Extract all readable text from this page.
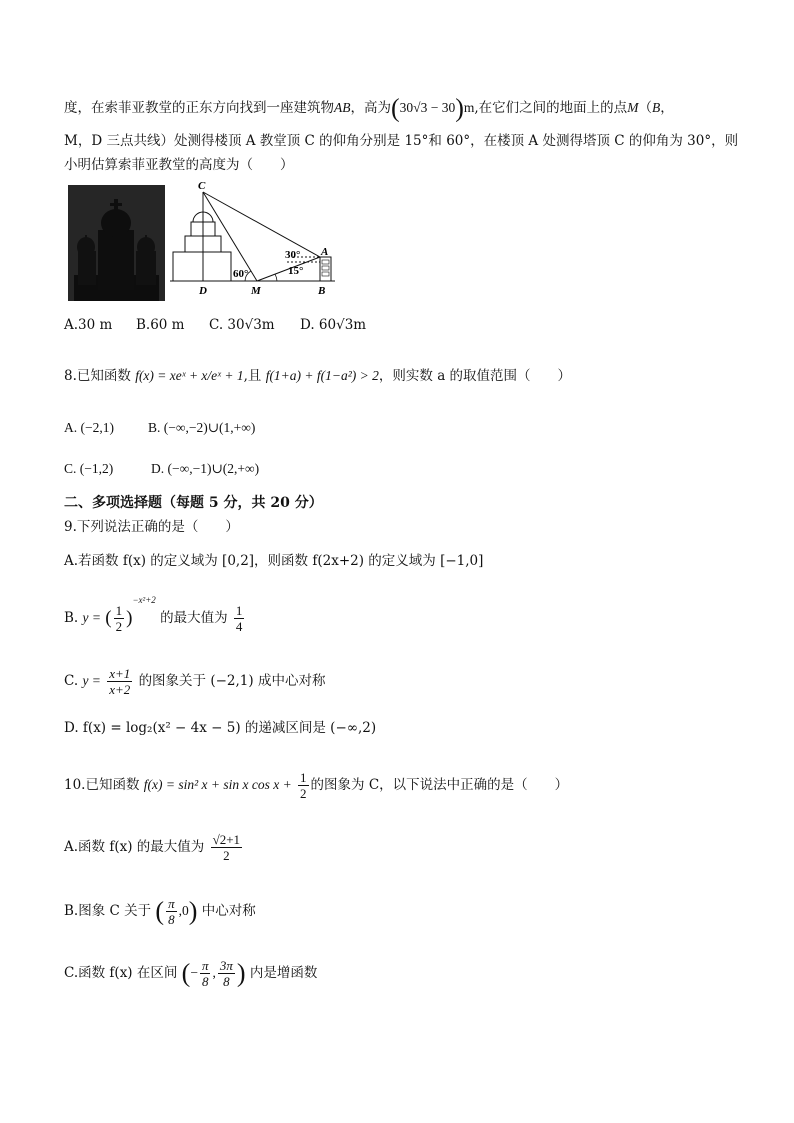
度，在索菲亚教堂的正东方向找到一座建筑物AB，高为(30√3 − 30)m,在它们之间的地面上的点M（B，
M，D 三点共线）处测得楼顶 A 教堂顶 C 的仰角分别是 15°和 60°，在楼顶 A 处测得塔顶 C 的仰角为 30°，则
小明估算索菲亚教堂的高度为（　　）
C
D	M	B
A
30°
60°	15°
A.30 m B.60 m C. 30√3m D. 60√3m
8.已知函数 f(x) = xeˣ + x/eˣ + 1,且 f(1+a) + f(1−a²) > 2，则实数 a 的取值范围（　　）
A. (−2,1)	B. (−∞,−2)∪(1,+∞)
C. (−1,2)	D. (−∞,−1)∪(2,+∞)
二、多项选择题（每题 5 分，共 20 分）
9.下列说法正确的是（　　）
A.若函数 f(x) 的定义域为 [0,2]，则函数 f(2x+2) 的定义域为 [−1,0]
B. y = ( $\frac{1}{2} )^{-x^2+2}$ 的最大值为 $\frac{1}{4}$
C. $y = \frac{x+1}{x+2}$ 的图象关于 (−2,1) 成中心对称
D. f(x) = log₂(x² − 4x − 5) 的递减区间是 (−∞,2)
10.已知函数 f(x) = sin² x + sin x $\cos x + \frac{1}{2}$ 的图象为 C，以下说法中正确的是（　　）
A.函数 f(x) 的最大值为 $\frac{√2+1}{2}$
B.图象 C 关于 ( $\frac{\pi}{8} ,0$) 中心对称
C.函数 f(x) 在区间 (− $\frac{\pi}{8}$ , $\frac{3\pi}{8}$ ) 内是增函数
